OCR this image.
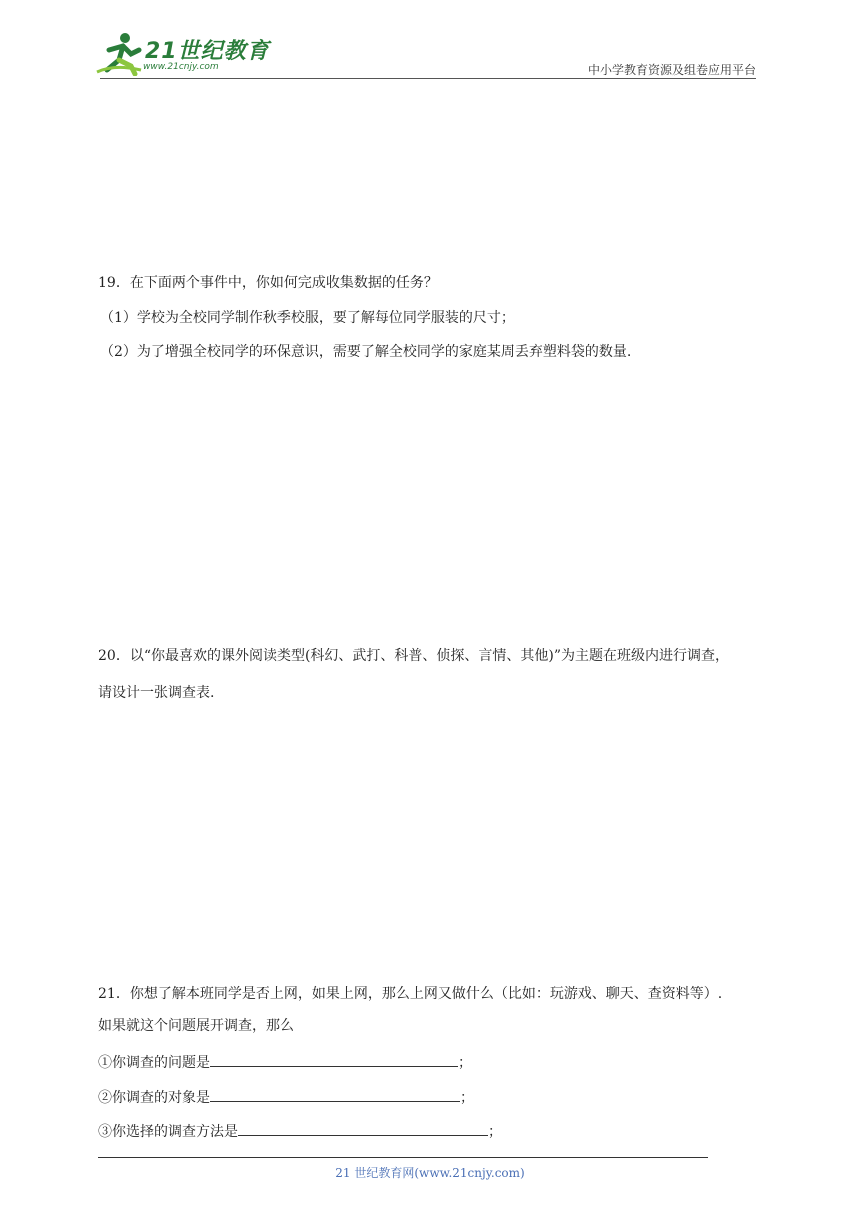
21世纪教育
www.21cnjy.com	中小学教育资源及组卷应用平台
19．在下面两个事件中，你如何完成收集数据的任务？
（1）学校为全校同学制作秋季校服，要了解每位同学服装的尺寸；
（2）为了增强全校同学的环保意识，需要了解全校同学的家庭某周丢弃塑料袋的数量.
20．以“你最喜欢的课外阅读类型(科幻、武打、科普、侦探、言情、其他)”为主题在班级内进行调查，
请设计一张调查表.
21．你想了解本班同学是否上网，如果上网，那么上网又做什么（比如：玩游戏、聊天、查资料等）.
如果就这个问题展开调查，那么
①你调查的问题是	；
②你调查的对象是	；
③你选择的调查方法是	；
21 世纪教育网(www.21cnjy.com)
